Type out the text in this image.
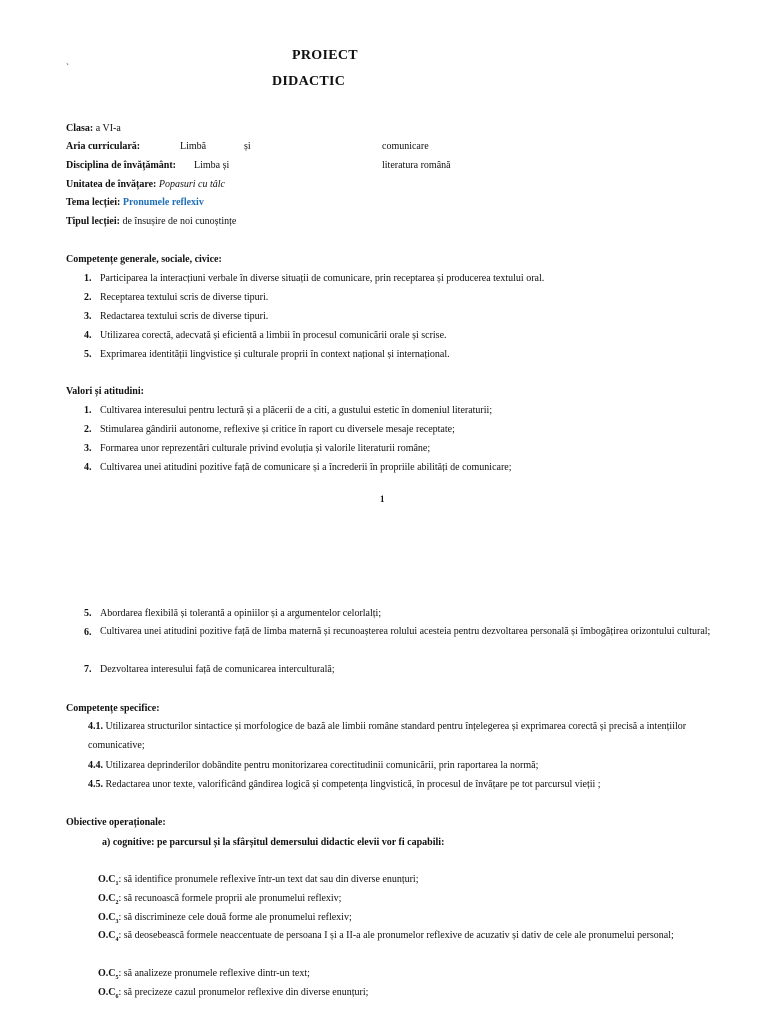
PROIECT
`
DIDACTIC
Clasa: a VI-a
Aria curriculară:	Limbă	și	comunicare
Disciplina de învățământ: Limba și	literatura română
Unitatea de învățare: Popasuri cu tâlc
Tema lecției: Pronumele reflexiv
Tipul lecției: de însușire de noi cunoștințe
Competențe generale, sociale, civice:
1. Participarea la interacțiuni verbale în diverse situații de comunicare, prin receptarea și producerea textului oral.
2. Receptarea textului scris de diverse tipuri.
3. Redactarea textului scris de diverse tipuri.
4. Utilizarea corectă, adecvată și eficientă a limbii în procesul comunicării orale și scrise.
5. Exprimarea identității lingvistice și culturale proprii în context național și internațional.
Valori și atitudini:
1. Cultivarea interesului pentru lectură și a plăcerii de a citi, a gustului estetic în domeniul literaturii;
2. Stimularea gândirii autonome, reflexive și critice în raport cu diversele mesaje receptate;
3. Formarea unor reprezentări culturale privind evoluția și valorile literaturii române;
4. Cultivarea unei atitudini pozitive față de comunicare și a încrederii în propriile abilități de comunicare;
1
5. Abordarea flexibilă și tolerantă a opiniilor și a argumentelor celorlalți;
6. Cultivarea unei atitudini pozitive față de limba maternă și recunoașterea rolului acesteia pentru dezvoltarea personală și îmbogățirea orizontului cultural;
7. Dezvoltarea interesului față de comunicarea interculturală;
Competențe specifice:
4.1. Utilizarea structurilor sintactice și morfologice de bază ale limbii române standard pentru înțelegerea și exprimarea corectă și precisă a intențiilor comunicative;
4.4. Utilizarea deprinderilor dobândite pentru monitorizarea corectitudinii comunicării, prin raportarea la normă;
4.5. Redactarea unor texte, valorificând gândirea logică și competența lingvistică, în procesul de învățare pe tot parcursul vieții ;
Obiective operaționale:
a) cognitive: pe parcursul și la sfârșitul demersului didactic elevii vor fi capabili:
$O.C_1$: să identifice pronumele reflexive într-un text dat sau din diverse enunțuri;
$O.C_2$: să recunoască formele proprii ale pronumelui reflexiv;
$O.C_3$: să discrimineze cele două forme ale pronumelui reflexiv;
$O.C_4$: să deosebească formele neaccentuate de persoana I și a II-a ale pronumelor reflexive de acuzativ și dativ de cele ale pronumelui personal;
$O.C_5$: să analizeze pronumele reflexive dintr-un text;
$O.C_6$: să precizeze cazul pronumelor reflexive din diverse enunțuri;
